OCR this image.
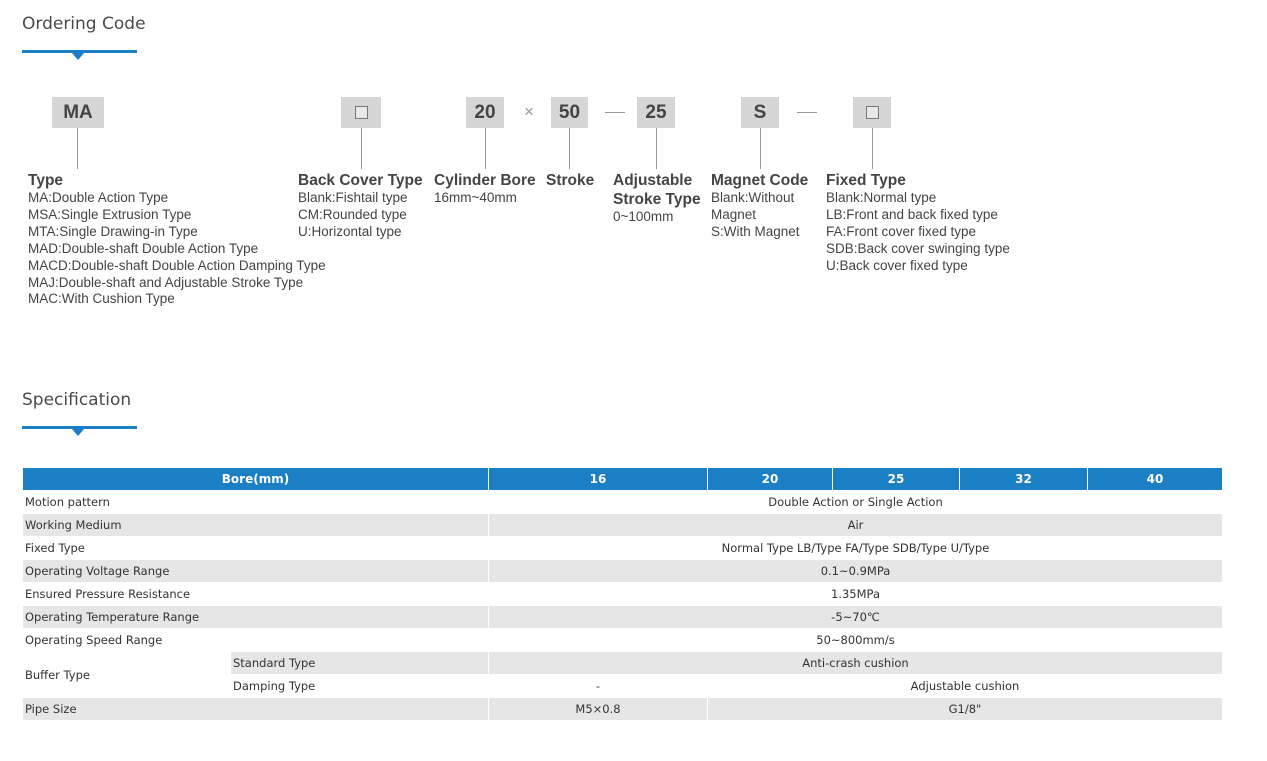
Ordering Code
MA	20	×	50	25	S
Type
MA:Double Action Type
MSA:Single Extrusion Type
MTA:Single Drawing-in Type
MAD:Double-shaft Double Action Type
MACD:Double-shaft Double Action Damping Type
MAJ:Double-shaft and Adjustable Stroke Type
MAC:With Cushion Type
Back Cover Type
Blank:Fishtail type
CM:Rounded type
U:Horizontal type
Cylinder Bore
16mm~40mm
Stroke Adjustable
Stroke Type
0~100mm
Magnet Code
Blank:Without
Magnet
S:With Magnet
Fixed Type
Blank:Normal type
LB:Front and back fixed type
FA:Front cover fixed type
SDB:Back cover swinging type
U:Back cover fixed type
Specification
Bore(mm)		16	20	25	32	40
Motion pattern		Double Action or Single Action				
Working Medium		Air				
Fixed Type		Normal Type LB/Type FA/Type SDB/Type U/Type				
Operating Voltage Range		0.1~0.9MPa				
Ensured Pressure Resistance		1.35MPa				
Operating Temperature Range		-5~70℃				
Operating Speed Range		50~800mm/s				
Buffer Type	Standard Type	Anti-crash cushion				
	Damping Type	-	Adjustable cushion			
Pipe Size		M5×0.8	G1/8"			
